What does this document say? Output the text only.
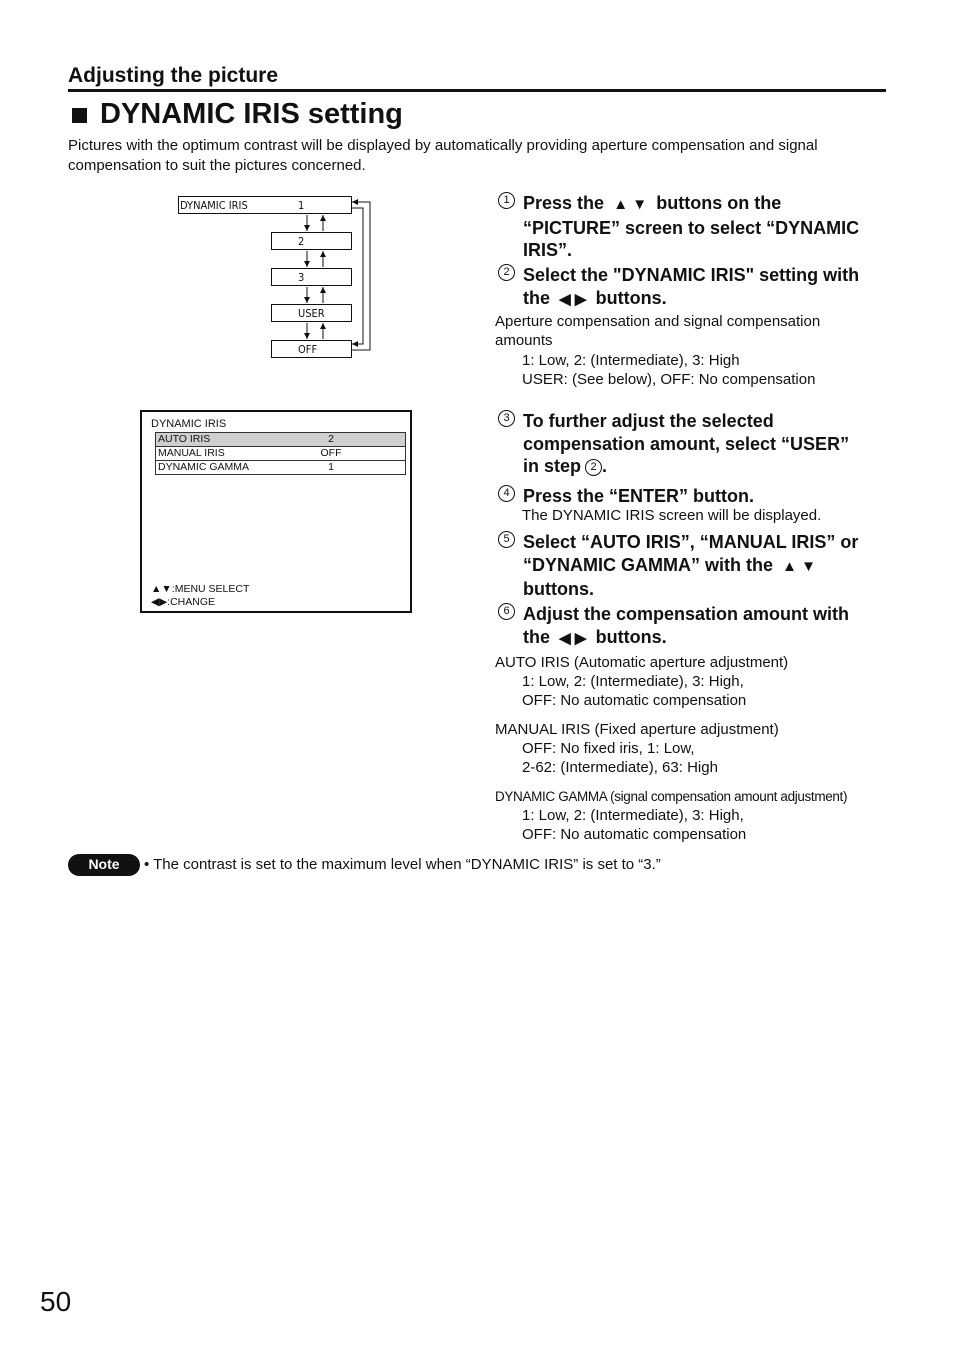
Adjusting the picture
DYNAMIC IRIS setting
Pictures with the optimum contrast will be displayed by automatically providing aperture compensation and signal compensation to suit the pictures concerned.
DYNAMIC IRIS	1
2
3
USER
OFF
DYNAMIC IRIS
AUTO IRIS	2
MANUAL IRIS	OFF
DYNAMIC GAMMA	1
▲▼:MENU SELECT
◀▶:CHANGE
1 Press the  ▲ ▼  buttons on the
“PICTURE” screen to select “DYNAMIC
IRIS”.
2 Select the "DYNAMIC IRIS" setting with
the  ◀ ▶  buttons.
Aperture compensation and signal compensation
amounts
1: Low, 2: (Intermediate), 3: High
USER: (See below), OFF: No compensation
3 To further adjust the selected
compensation amount, select “USER”
in step 2 .
4 Press the “ENTER” button.
The DYNAMIC IRIS screen will be displayed.
5 Select “AUTO IRIS”, “MANUAL IRIS” or
“DYNAMIC GAMMA” with the  ▲ ▼
buttons.
6 Adjust the compensation amount with
the  ◀ ▶  buttons.
AUTO IRIS (Automatic aperture adjustment)
1: Low, 2: (Intermediate), 3: High,
OFF: No automatic compensation
MANUAL IRIS (Fixed aperture adjustment)
OFF: No fixed iris, 1: Low,
2-62: (Intermediate), 63: High
DYNAMIC GAMMA (signal compensation amount adjustment)
1: Low, 2: (Intermediate), 3: High,
OFF: No automatic compensation
Note	• The contrast is set to the maximum level when “DYNAMIC IRIS” is set to “3.”
50
